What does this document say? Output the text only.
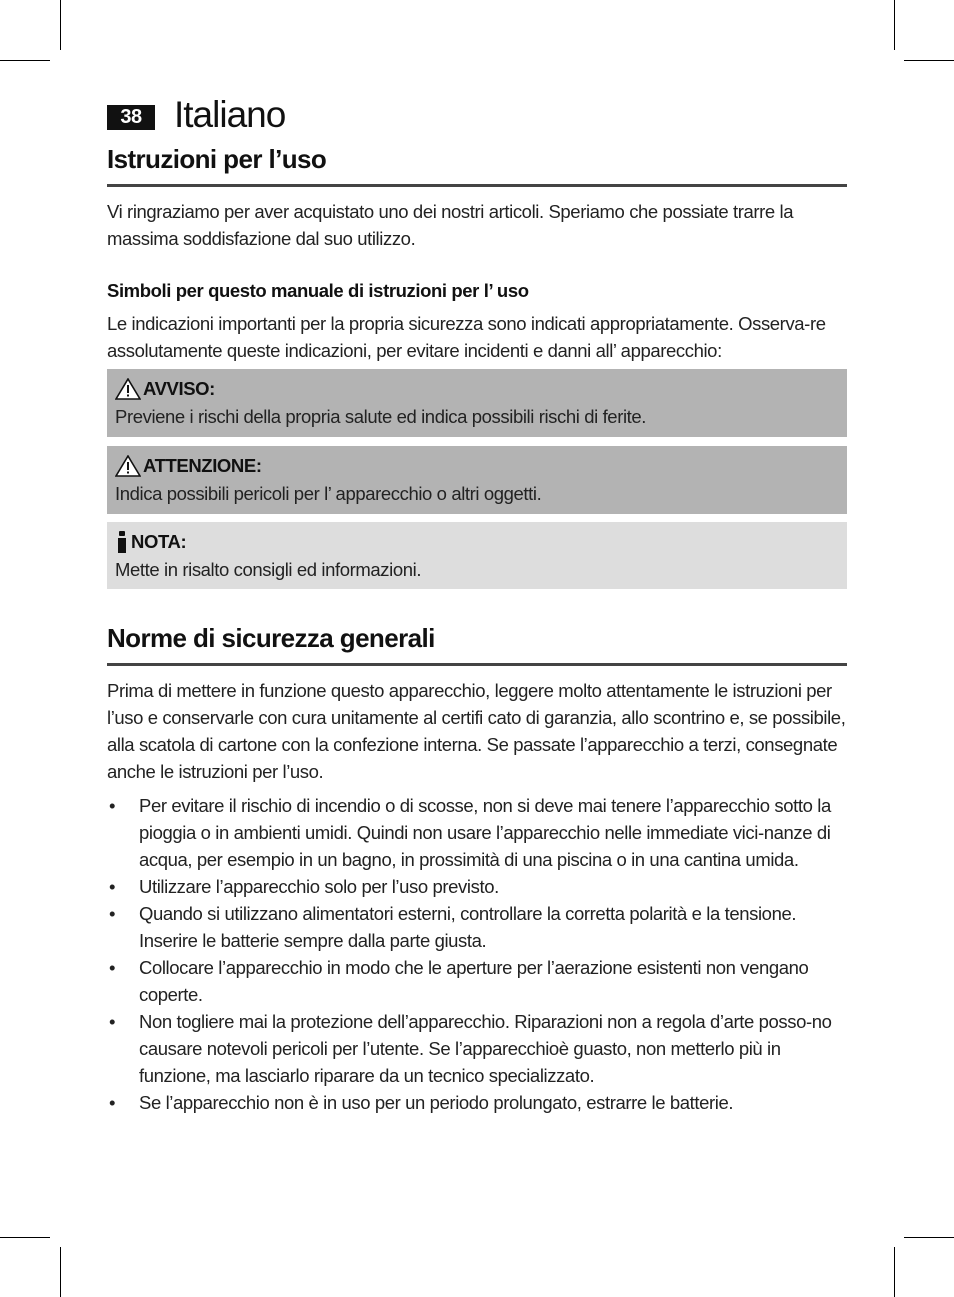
38 Italiano
Istruzioni per l’uso
Vi ringraziamo per aver acquistato uno dei nostri articoli. Speriamo che possiate trarre la massima soddisfazione dal suo utilizzo.
Simboli per questo manuale di istruzioni per l’ uso
Le indicazioni importanti per la propria sicurezza sono indicati appropriatamente. Osserva-re assolutamente queste indicazioni, per evitare incidenti e danni all’ apparecchio:
AVVISO:
Previene i rischi della propria salute ed indica possibili rischi di ferite.
ATTENZIONE:
Indica possibili pericoli per l’ apparecchio o altri oggetti.
NOTA:
Mette in risalto consigli ed informazioni.
Norme di sicurezza generali
Prima di mettere in funzione questo apparecchio, leggere molto attentamente le istruzioni per l’uso e conservarle con cura unitamente al certifi cato di garanzia, allo scontrino e, se possibile, alla scatola di cartone con la confezione interna. Se passate l’apparecchio a terzi, consegnate anche le istruzioni per l’uso.
• Per evitare il rischio di incendio o di scosse, non si deve mai tenere l’apparecchio sotto la pioggia o in ambienti umidi. Quindi non usare l’apparecchio nelle immediate vici-nanze di acqua, per esempio in un bagno, in prossimità di una piscina o in una cantina umida.
• Utilizzare l’apparecchio solo per l’uso previsto.
• Quando si utilizzano alimentatori esterni, controllare la corretta polarità e la tensione. Inserire le batterie sempre dalla parte giusta.
• Collocare l’apparecchio in modo che le aperture per l’aerazione esistenti non vengano coperte.
• Non togliere mai la protezione dell’apparecchio. Riparazioni non a regola d’arte posso-no causare notevoli pericoli per l’utente. Se l’apparecchioè guasto, non metterlo più in funzione, ma lasciarlo riparare da un tecnico specializzato.
• Se l’apparecchio non è in uso per un periodo prolungato, estrarre le batterie.
